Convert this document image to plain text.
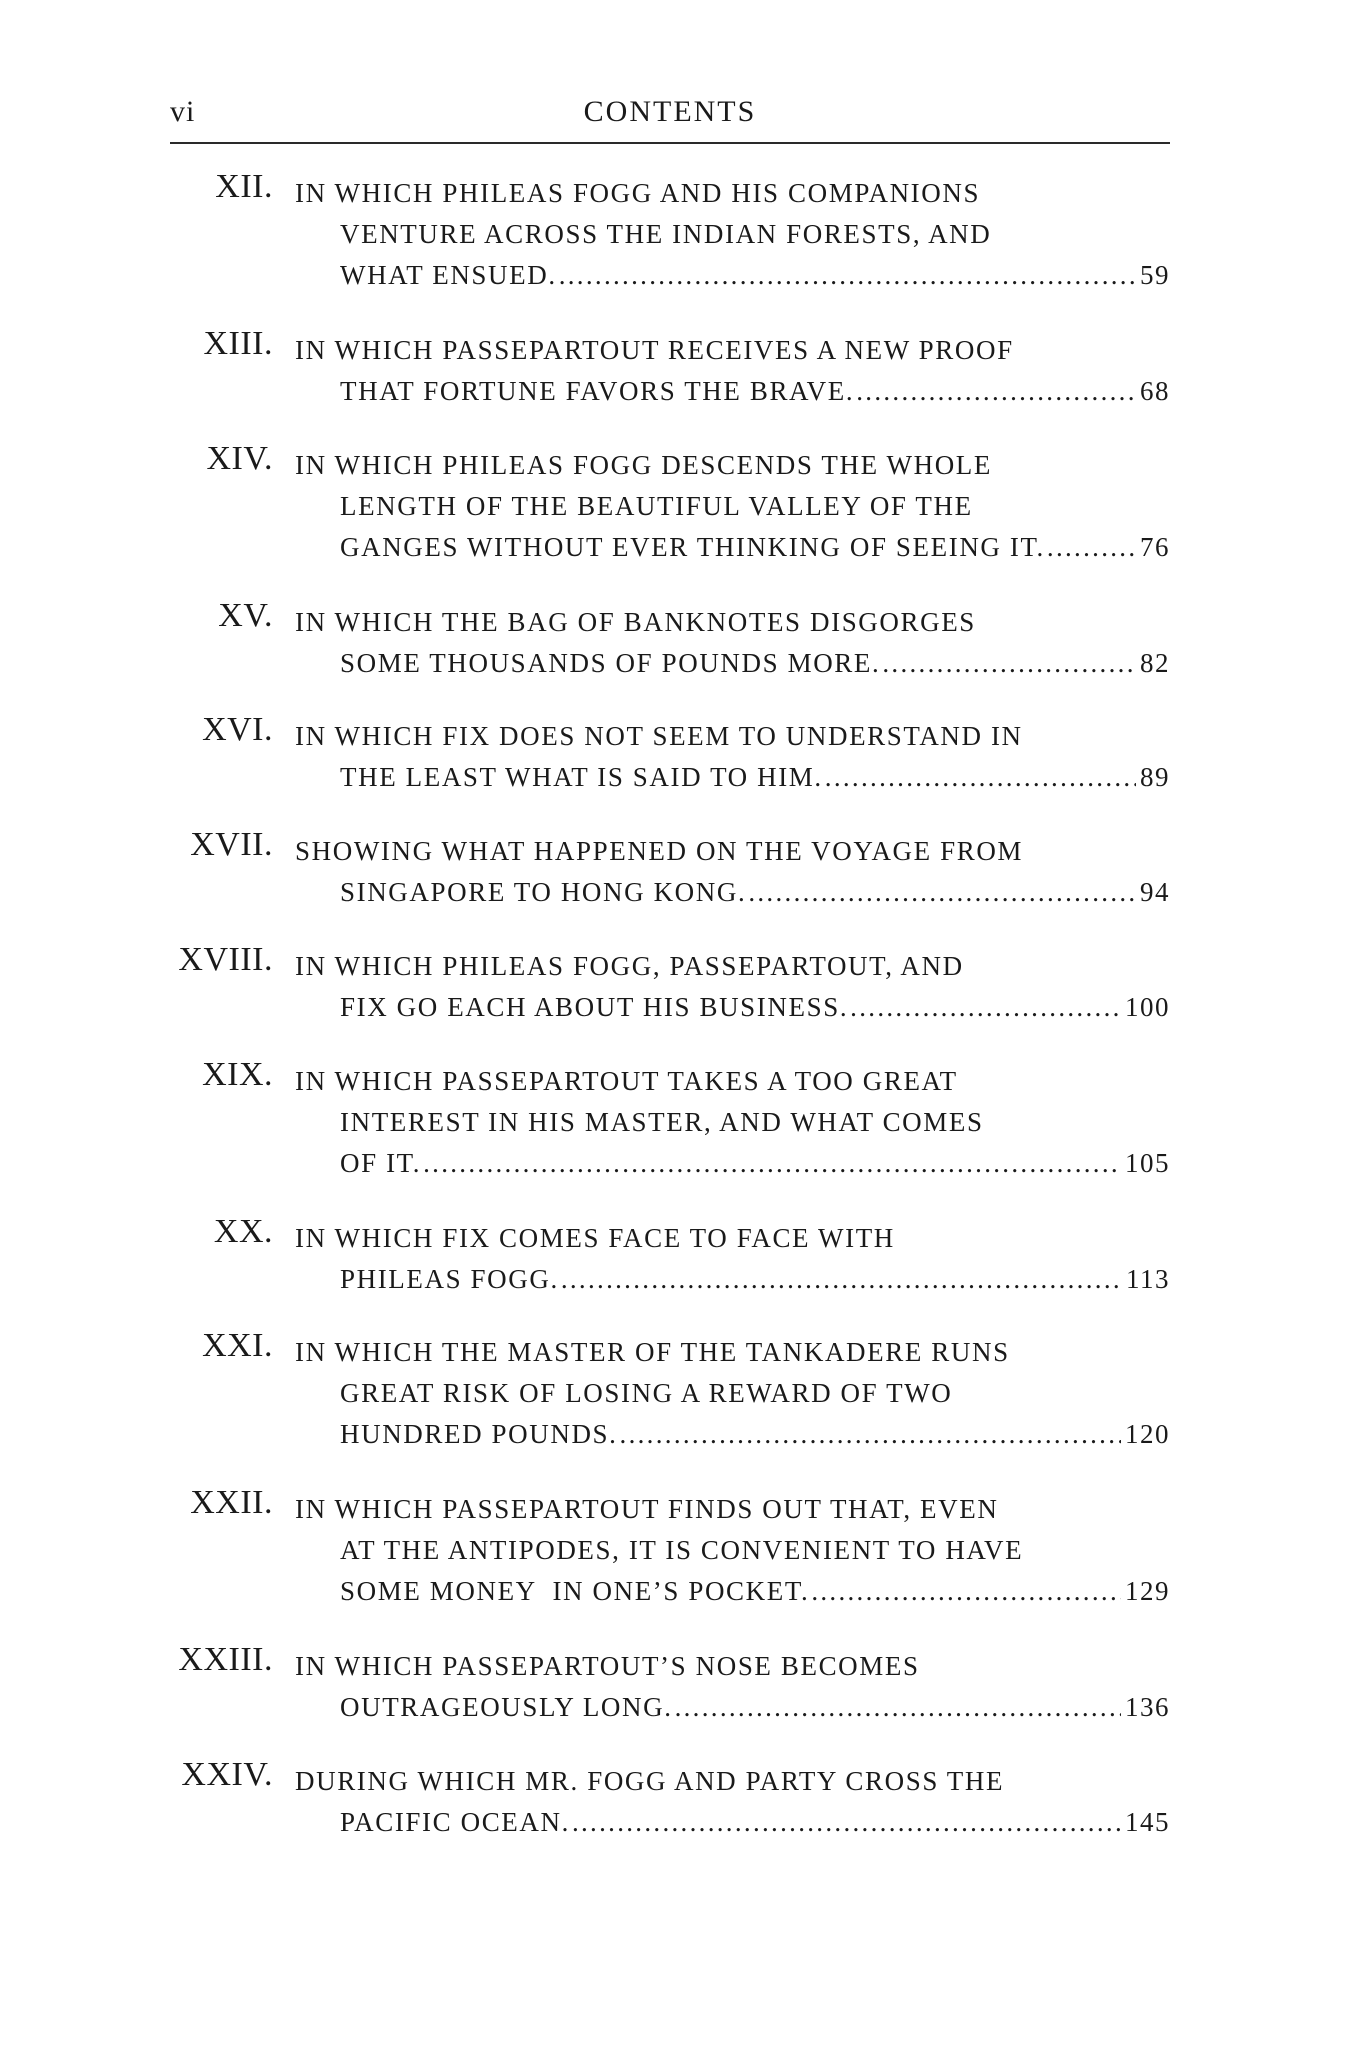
vi	CONTENTS
XII. IN WHICH PHILEAS FOGG AND HIS COMPANIONS
VENTURE ACROSS THE INDIAN FORESTS, AND
WHAT ENSUED. .....	59
XIII. IN WHICH PASSEPARTOUT RECEIVES A NEW PROOF
THAT FORTUNE FAVORS THE BRAVE. .....	68
XIV. IN WHICH PHILEAS FOGG DESCENDS THE WHOLE
LENGTH OF THE BEAUTIFUL VALLEY OF THE
GANGES WITHOUT EVER THINKING OF SEEING IT. .....	76
XV. IN WHICH THE BAG OF BANKNOTES DISGORGES
SOME THOUSANDS OF POUNDS MORE. .....	82
XVI. IN WHICH FIX DOES NOT SEEM TO UNDERSTAND IN
THE LEAST WHAT IS SAID TO HIM. .....	89
XVII. SHOWING WHAT HAPPENED ON THE VOYAGE FROM
SINGAPORE TO HONG KONG. .....	94
XVIII. IN WHICH PHILEAS FOGG, PASSEPARTOUT, AND
FIX GO EACH ABOUT HIS BUSINESS. .....	100
XIX. IN WHICH PASSEPARTOUT TAKES A TOO GREAT
INTEREST IN HIS MASTER, AND WHAT COMES
OF IT. .....	105
XX. IN WHICH FIX COMES FACE TO FACE WITH
PHILEAS FOGG. .....	113
XXI. IN WHICH THE MASTER OF THE TANKADERE RUNS
GREAT RISK OF LOSING A REWARD OF TWO
HUNDRED POUNDS. .....	120
XXII. IN WHICH PASSEPARTOUT FINDS OUT THAT, EVEN
AT THE ANTIPODES, IT IS CONVENIENT TO HAVE
SOME MONEY  IN ONE’S POCKET. .....	129
XXIII. IN WHICH PASSEPARTOUT’S NOSE BECOMES
OUTRAGEOUSLY LONG. .....	136
XXIV. DURING WHICH MR. FOGG AND PARTY CROSS THE
PACIFIC OCEAN. .....	145
